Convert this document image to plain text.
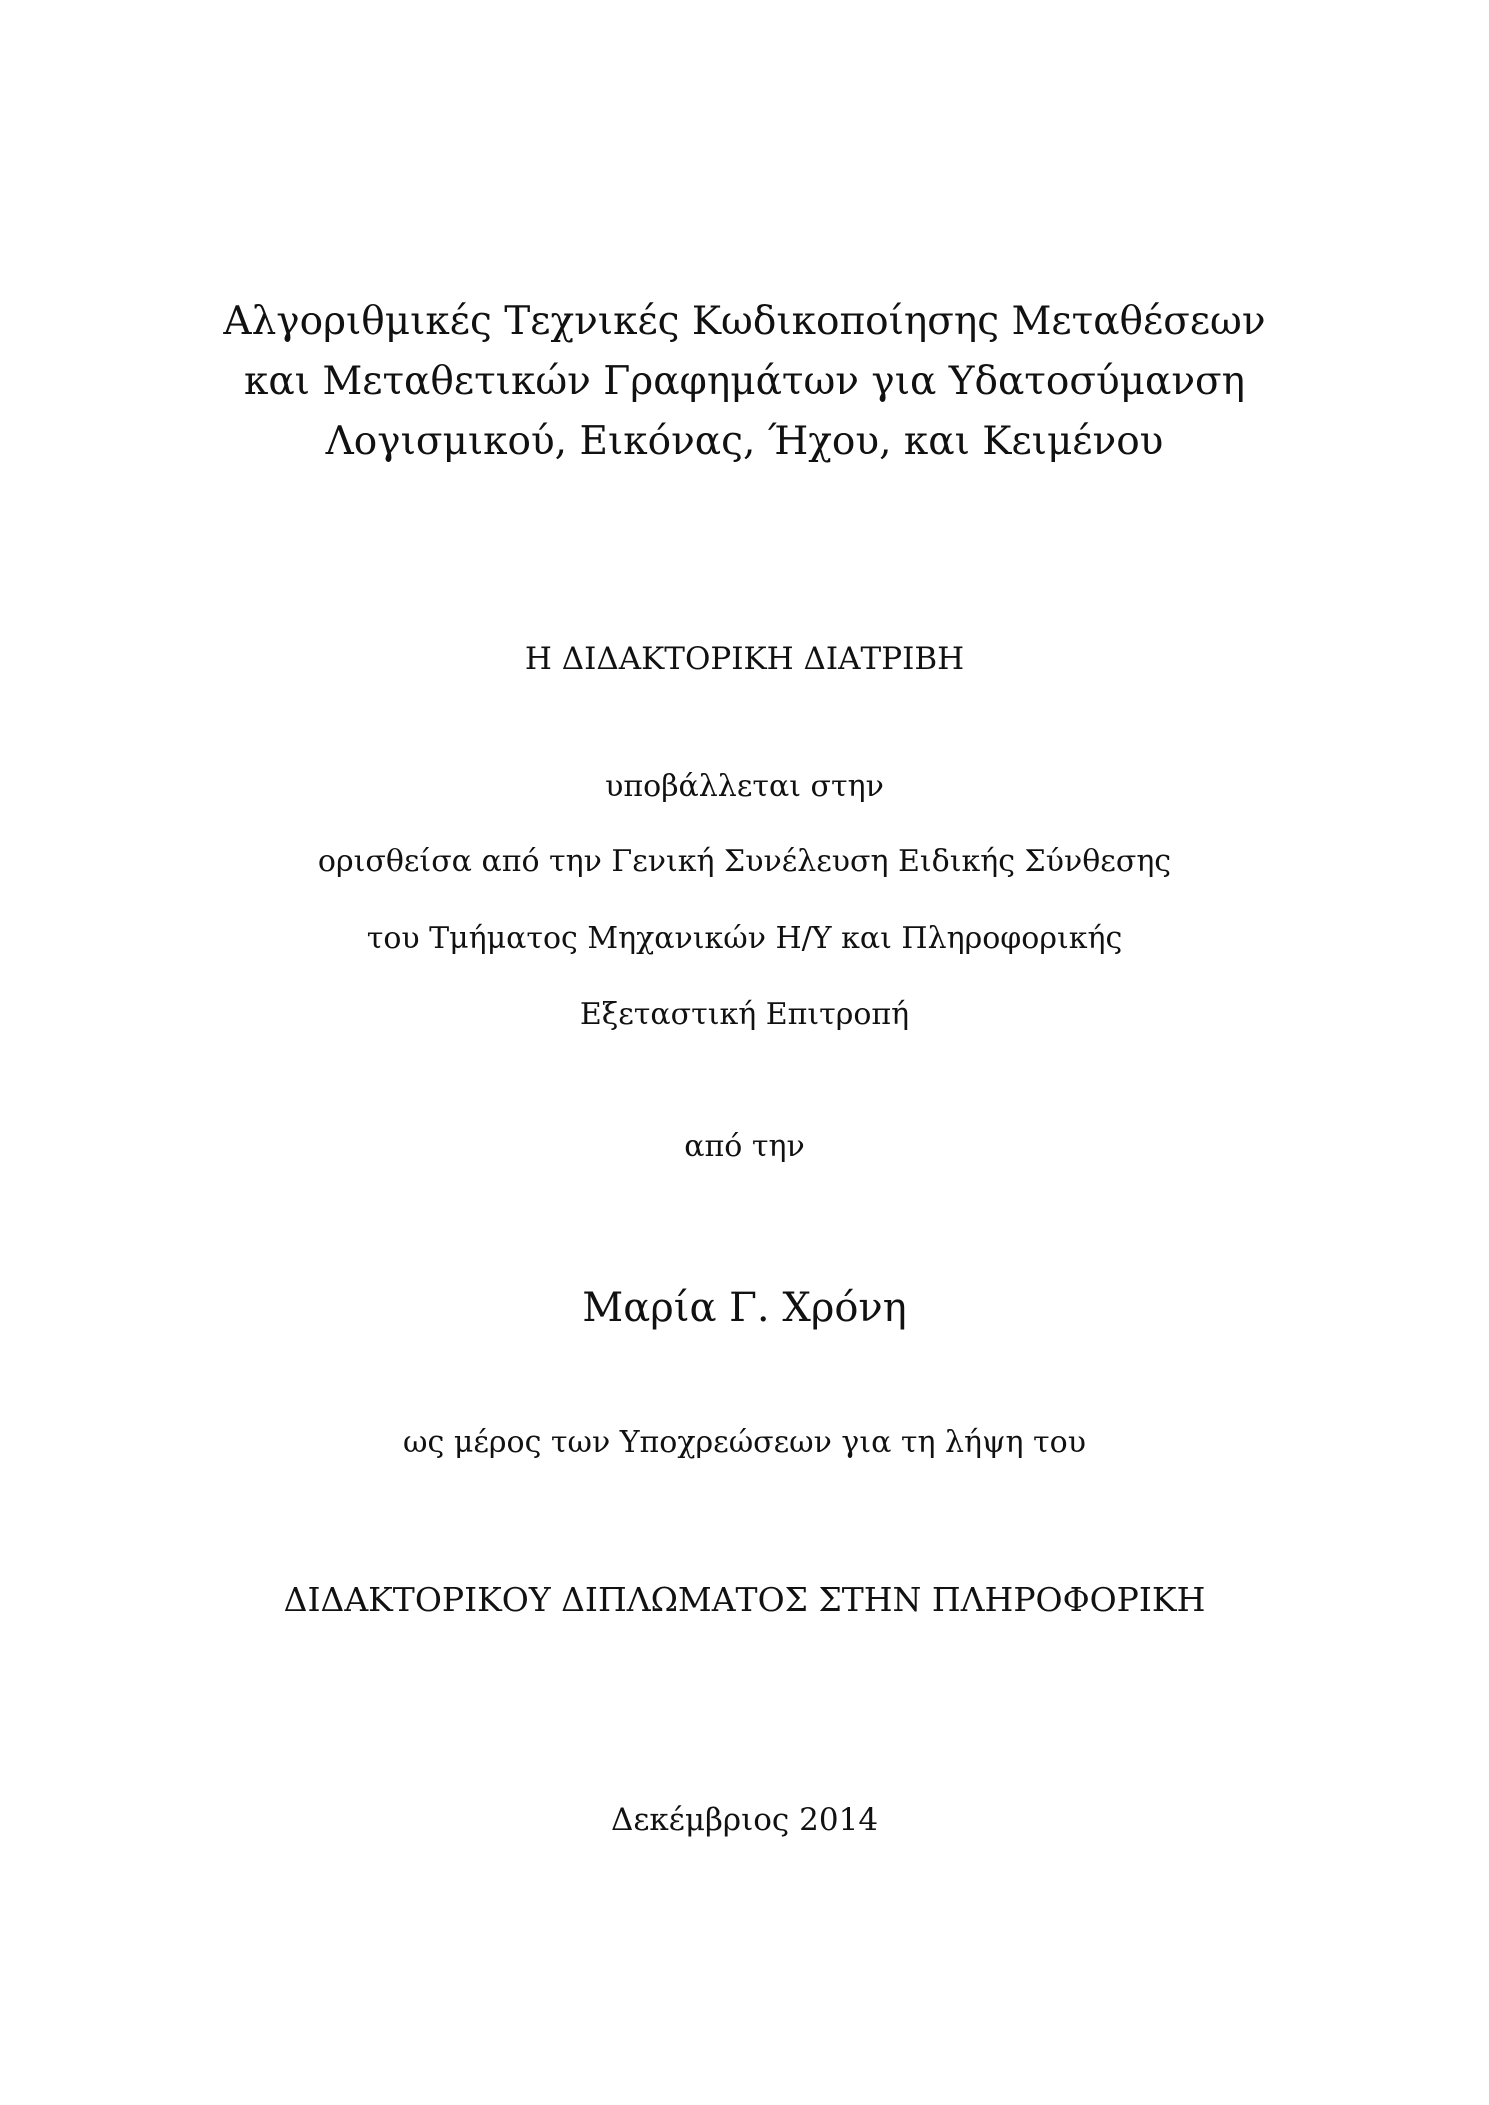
Αλγοριθμικές Τεχνικές Κωδικοποίησης Μεταθέσεων
και Μεταθετικών Γραφημάτων για Υδατοσύμανση
Λογισμικού, Εικόνας, Ήχου, και Κειμένου
Η ΔΙΔΑΚΤΟΡΙΚΗ ΔΙΑΤΡΙΒΗ
υποβάλλεται στην
ορισθείσα από την Γενική Συνέλευση Ειδικής Σύνθεσης
του Τμήματος Μηχανικών Η/Υ και Πληροφορικής
Εξεταστική Επιτροπή
από την
Μαρία Γ. Χρόνη
ως μέρος των Υποχρεώσεων για τη λήψη του
ΔΙΔΑΚΤΟΡΙΚΟΥ ΔΙΠΛΩΜΑΤΟΣ ΣΤΗΝ ΠΛΗΡΟΦΟΡΙΚΗ
Δεκέμβριος 2014
